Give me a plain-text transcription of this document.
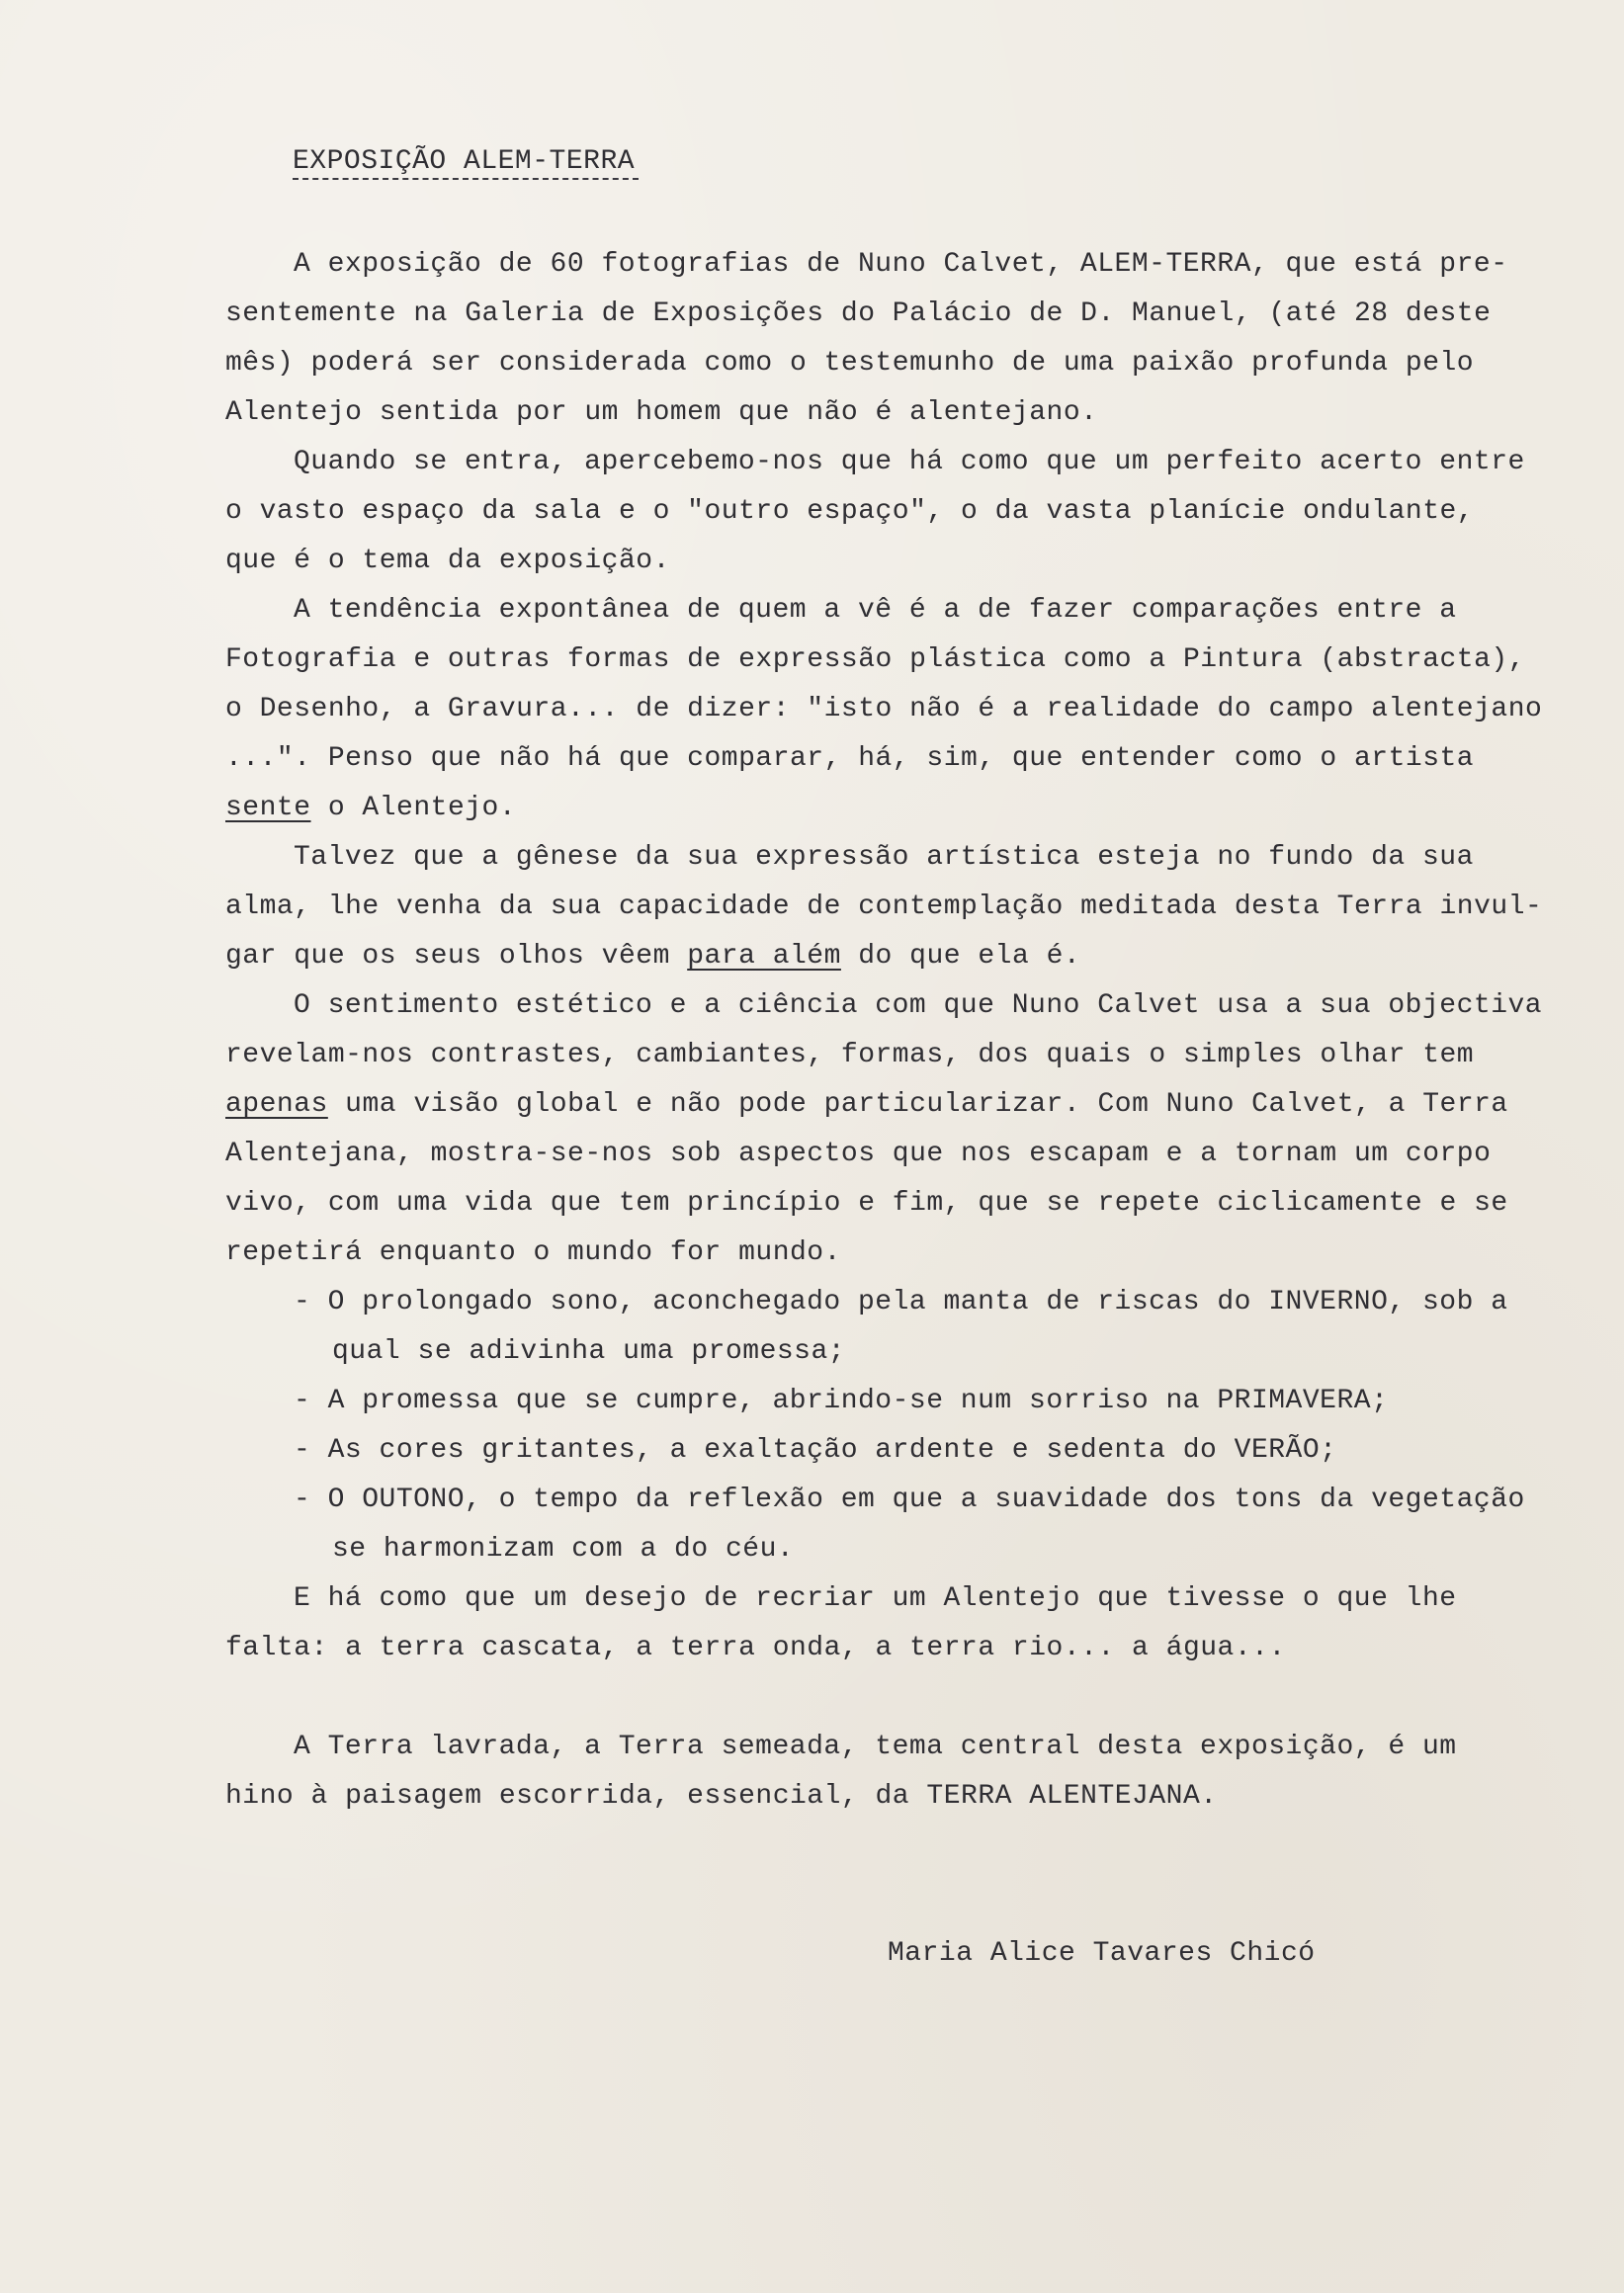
EXPOSIÇÃO ALEM-TERRA
A exposição de 60 fotografias de Nuno Calvet, ALEM-TERRA, que está pre-
sentemente na Galeria de Exposições do Palácio de D. Manuel, (até 28 deste
mês) poderá ser considerada como o testemunho de uma paixão profunda pelo
Alentejo sentida por um homem que não é alentejano.
Quando se entra, apercebemo-nos que há como que um perfeito acerto entre
o vasto espaço da sala e o "outro espaço", o da vasta planície ondulante,
que é o tema da exposição.
A tendência expontânea de quem a vê é a de fazer comparações entre a
Fotografia e outras formas de expressão plástica como a Pintura (abstracta),
o Desenho, a Gravura... de dizer: "isto não é a realidade do campo alentejano
...". Penso que não há que comparar, há, sim, que entender como o artista
sente o Alentejo.
Talvez que a gênese da sua expressão artística esteja no fundo da sua
alma, lhe venha da sua capacidade de contemplação meditada desta Terra invul-
gar que os seus olhos vêem para além do que ela é.
O sentimento estético e a ciência com que Nuno Calvet usa a sua objectiva
revelam-nos contrastes, cambiantes, formas, dos quais o simples olhar tem
apenas uma visão global e não pode particularizar. Com Nuno Calvet, a Terra
Alentejana, mostra-se-nos sob aspectos que nos escapam e a tornam um corpo
vivo, com uma vida que tem princípio e fim, que se repete ciclicamente e se
repetirá enquanto o mundo for mundo.
- O prolongado sono, aconchegado pela manta de riscas do INVERNO, sob a
qual se adivinha uma promessa;
- A promessa que se cumpre, abrindo-se num sorriso na PRIMAVERA;
- As cores gritantes, a exaltação ardente e sedenta do VERÃO;
- O OUTONO, o tempo da reflexão em que a suavidade dos tons da vegetação
se harmonizam com a do céu.
E há como que um desejo de recriar um Alentejo que tivesse o que lhe
falta: a terra cascata, a terra onda, a terra rio... a água...
A Terra lavrada, a Terra semeada, tema central desta exposição, é um
hino à paisagem escorrida, essencial, da TERRA ALENTEJANA.
Maria Alice Tavares Chicó
